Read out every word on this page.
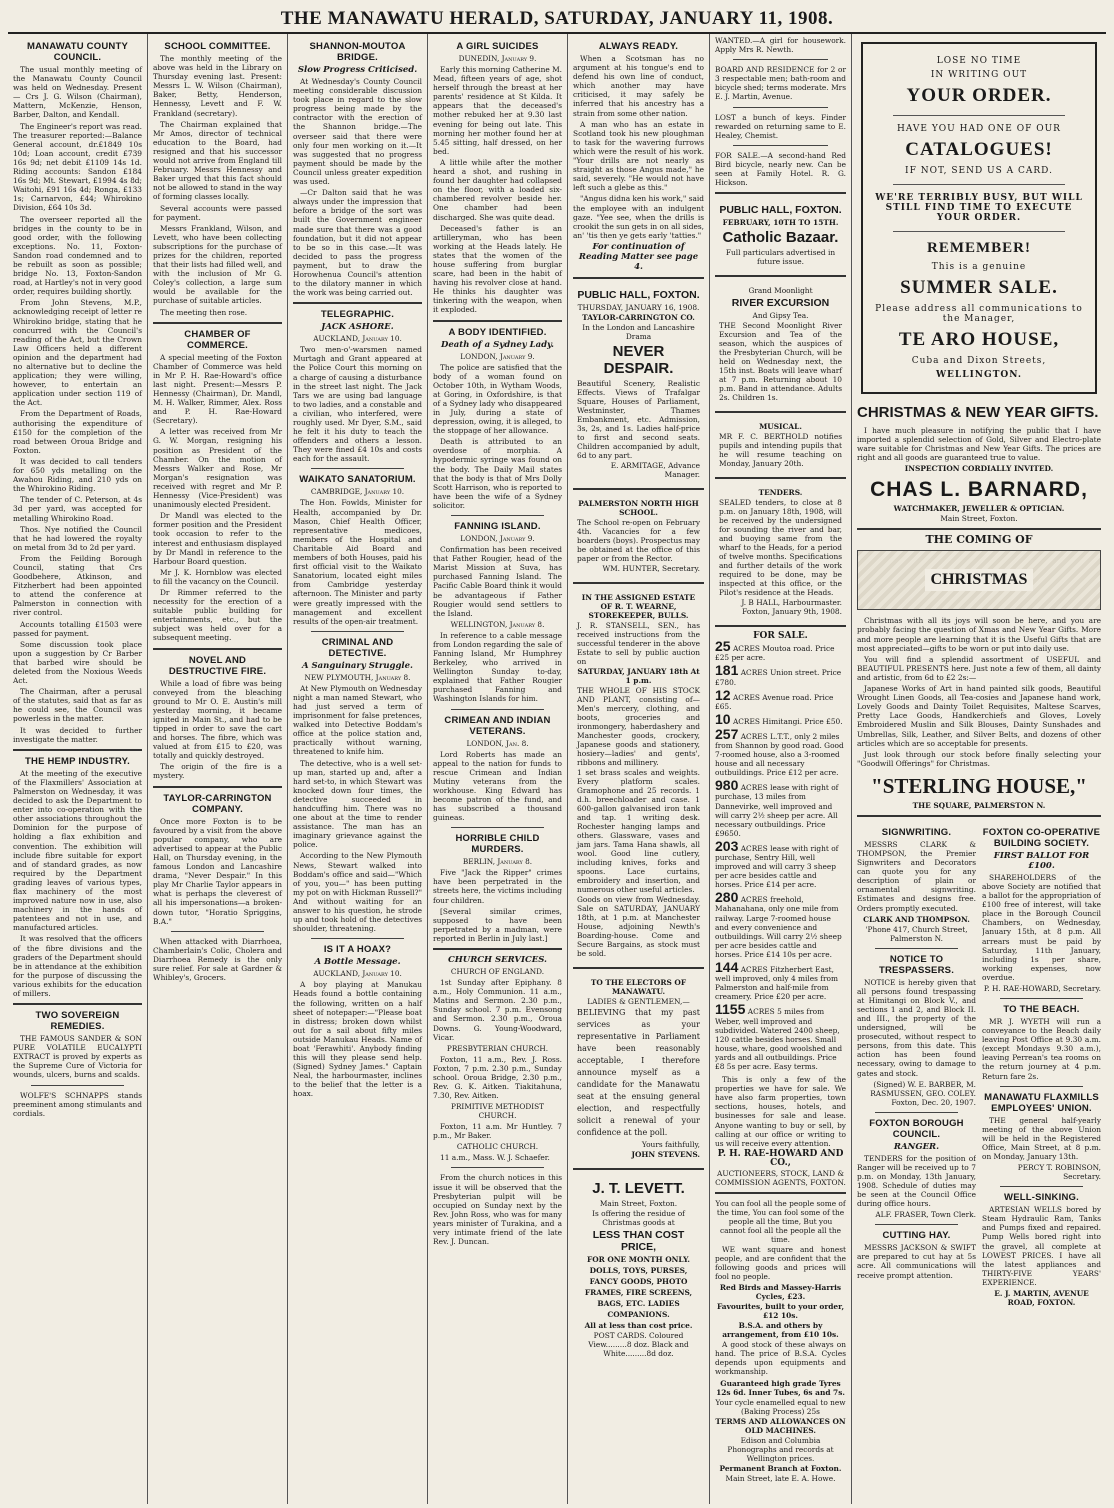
THE MANAWATU HERALD, SATURDAY, JANUARY 11, 1908.
MANAWATU COUNTY COUNCIL.

The usual monthly meeting of the Manawatu County Council was held on Wednesday. Present — Crs J. G. Wilson (Chairman), Mattern, McKenzie, Henson, Barber, Dalton, and Kendall.

The Engineer's report was read. The treasurer reported:—Balance General account, dr.£1849 10s 10d; Loan account, credit £739 16s 9d; net debit £1109 14s 1d. Riding accounts: Sandon £184 16s 9d; Mt. Stewart, £1994 4s 8d; Waitohi, £91 16s 4d; Ronga, £133 1s; Carnarvon, £44; Whirokino Division, £64 10s 3d.

The overseer reported all the bridges in the county to be in good order, with the following exceptions. No. 11, Foxton-Sandon road condemned and to be rebuilt as soon as possible; bridge No. 13, Foxton-Sandon road, at Hartley's not in very good order, requires building shortly.

From John Stevens, M.P., acknowledging receipt of letter re Whirokino bridge, stating that he concurred with the Council's reading of the Act, but the Crown Law Officers held a different opinion and the department had no alternative but to decline the application; they were willing, however, to entertain an application under section 119 of the Act.

From the Department of Roads, authorising the expenditure of £150 for the completion of the road between Oroua Bridge and Foxton.

It was decided to call tenders for 650 yds metalling on the Awahou Riding, and 210 yds on the Whirokino Riding.

The tender of C. Peterson, at 4s 3d per yard, was accepted for metalling Whirokino Road.

Thos. Nye notified the Council that he had lowered the royalty on metal from 3d to 2d per yard.

From the Feilding Borough Council, stating that Crs Goodbehere, Atkinson, and Fitzherbert had been appointed to attend the conference at Palmerston in connection with river control.

Accounts totalling £1503 were passed for payment.

Some discussion took place upon a suggestion by Cr Barber that barbed wire should be deleted from the Noxious Weeds Act.

The Chairman, after a perusal of the statutes, said that as far as he could see, the Council was powerless in the matter.

It was decided to further investigate the matter.

THE HEMP INDUSTRY.

At the meeting of the executive of the Flaxmillers' Association at Palmerston on Wednesday, it was decided to ask the Department to enter into co-operation with the other associations throughout the Dominion for the purpose of holding a flax exhibition and convention. The exhibition will include fibre suitable for export and of standard grades, as now required by the Department grading leaves of various types, flax machinery of the most improved nature now in use, also machinery in the hands of patentees and not in use, and manufactured articles.

It was resolved that the officers of the fibre divisions and the graders of the Department should be in attendance at the exhibition for the purpose of discussing the various exhibits for the education of millers.

TWO SOVEREIGN REMEDIES.

THE FAMOUS SANDER & SON PURE VOLATILE EUCALYPTI EXTRACT is proved by experts as the Supreme Cure of Victoria for wounds, ulcers, burns and scalds.

WOLFE'S SCHNAPPS stands preeminent among stimulants and cordials.

SCHOOL COMMITTEE.

The monthly meeting of the above was held in the Library on Thursday evening last. Present: Messrs L. W. Wilson (Chairman), Baker, Betty, Henderson, Hennessy, Levett and F. W. Frankland (secretary).

The Chairman explained that Mr Amos, director of technical education to the Board, had resigned and that his successor would not arrive from England till February. Messrs Hennessy and Baker urged that this fact should not be allowed to stand in the way of forming classes locally.

Several accounts were passed for payment.

Messrs Frankland, Wilson, and Levett, who have been collecting subscriptions for the purchase of prizes for the children, reported that their lists had filled well, and with the inclusion of Mr G. Coley's collection, a large sum would be available for the purchase of suitable articles.

The meeting then rose.

CHAMBER OF COMMERCE.

A special meeting of the Foxton Chamber of Commerce was held in Mr P. H. Rae-Howard's office last night. Present:—Messrs P. Hennessy (Chairman), Dr. Mandl, M. H. Walker, Rimmer, Alex. Ross and P. H. Rae-Howard (Secretary).

A letter was received from Mr G. W. Morgan, resigning his position as President of the Chamber. On the motion of Messrs Walker and Rose, Mr Morgan's resignation was received with regret and Mr P. Hennessy (Vice-President) was unanimously elected President.

Dr Mandl was elected to the former position and the President took occasion to refer to the interest and enthusiasm displayed by Dr Mandl in reference to the Harbour Board question.

Mr J. K. Hornblow was elected to fill the vacancy on the Council.

Dr Rimmer referred to the necessity for the erection of a suitable public building for entertainments, etc., but the subject was held over for a subsequent meeting.

NOVEL AND DESTRUCTIVE FIRE.

While a load of fibre was being conveyed from the bleaching ground to Mr O. E. Austin's mill yesterday morning, it became ignited in Main St., and had to be tipped in order to save the cart and horses. The fibre, which was valued at from £15 to £20, was totally and quickly destroyed.

The origin of the fire is a mystery.

TAYLOR-CARRINGTON COMPANY.

Once more Foxton is to be favoured by a visit from the above popular company, who are advertised to appear at the Public Hall, on Thursday evening, in the famous London and Lancashire drama, "Never Despair." In this play Mr Charlie Taylor appears in what is perhaps the cleverest of all his impersonations—a broken-down tutor, "Horatio Spriggins, B.A."

When attacked with Diarrhoea, Chamberlain's Colic, Cholera and Diarrhoea Remedy is the only sure relief. For sale at Gardner & Whibley's, Grocers.

SHANNON-MOUTOA BRIDGE.
Slow Progress Criticised.

At Wednesday's County Council meeting considerable discussion took place in regard to the slow progress being made by the contractor with the erection of the Shannon bridge.—The overseer said that there were only four men working on it.—It was suggested that no progress payment should be made by the Council unless greater expedition was used.

—Cr Dalton said that he was always under the impression that before a bridge of the sort was built the Government engineer made sure that there was a good foundation, but it did not appear to be so in this case.—It was decided to pass the progress payment, but to draw the Horowhenua Council's attention to the dilatory manner in which the work was being carried out.

TELEGRAPHIC.
JACK ASHORE.
AUCKLAND, January 10.

Two men-o'-warsmen named Murtagh and Grant appeared at the Police Court this morning on a charge of causing a disturbance in the street last night. The Jack Tars we are using bad language to two ladies, and a constable and a civilian, who interfered, were roughly used. Mr Dyer, S.M., said he felt it his duty to teach the offenders and others a lesson. They were fined £4 10s and costs each for the assault.

WAIKATO SANATORIUM.
CAMBRIDGE, January 10.

The Hon. Fowlds, Minister for Health, accompanied by Dr. Mason, Chief Health Officer, representative medicoes, members of the Hospital and Charitable Aid Board and members of both Houses, paid his first official visit to the Waikato Sanatorium, located eight miles from Cambridge yesterday afternoon. The Minister and party were greatly impressed with the management and excellent results of the open-air treatment.

CRIMINAL AND DETECTIVE.
A Sanguinary Struggle.
NEW PLYMOUTH, January 8.

At New Plymouth on Wednesday night a man named Stewart, who had just served a term of imprisonment for false pretences, walked into Detective Boddam's office at the police station and, practically without warning, threatened to knife him.

The detective, who is a well set-up man, started up and, after a hard set-to, in which Stewart was knocked down four times, the detective succeeded in handcuffing him. There was no one about at the time to render assistance. The man has an imaginary grievance against the police.

According to the New Plymouth News, Stewart walked into Boddam's office and said—"Which of you, you—" has been putting my pot on with Hickman Russell?" And without waiting for an answer to his question, he strode up and took hold of the detectives shoulder, threatening.

IS IT A HOAX?
A Bottle Message.
AUCKLAND, January 10.

A boy playing at Manukau Heads found a bottle containing the following, written on a half sheet of notepaper:—"Please boat in distress; broken down whilst out for a sail about fifty miles outside Manukau Heads. Name of boat 'Ferawhiti'. Anybody finding this will they please send help. (Signed) Sydney James." Captain Neal, the harbourmaster, inclines to the belief that the letter is a hoax.

A GIRL SUICIDES
DUNEDIN, January 9.

Early this morning Catherine M. Mead, fifteen years of age, shot herself through the breast at her parents' residence at St Kilda. It appears that the deceased's mother rebuked her at 9.30 last evening for being out late. This morning her mother found her at 5.45 sitting, half dressed, on her bed.

A little while after the mother heard a shot, and rushing in found her daughter had collapsed on the floor, with a loaded six-chambered revolver beside her. One chamber had been discharged. She was quite dead.

Deceased's father is an artilleryman, who has been working at the Heads lately. He states that the women of the house suffering from burglar scare, had been in the habit of having his revolver close at hand. He thinks his daughter was tinkering with the weapon, when it exploded.

A BODY IDENTIFIED.
Death of a Sydney Lady.
LONDON, January 9.

The police are satisfied that the body of a woman found on October 10th, in Wytham Woods, at Goring, in Oxfordshire, is that of a Sydney lady who disappeared in July, during a state of depression, owing, it is alleged, to the stoppage of her allowance.

Death is attributed to an overdose of morphia. A hypodermic syringe was found on the body. The Daily Mail states that the body is that of Mrs Dolly Scott Harrison, who is reported to have been the wife of a Sydney solicitor.

FANNING ISLAND.
LONDON, January 9.

Confirmation has been received that Father Rougier, head of the Marist Mission at Suva, has purchased Fanning Island. The Pacific Cable Board think it would be advantageous if Father Rougier would send settlers to the Island.

WELLINGTON, January 8.

In reference to a cable message from London regarding the sale of Fanning Island, Mr Humphrey Berkeley, who arrived in Wellington Sunday to-day, explained that Father Rougier purchased Fanning and Washington Islands for him.

CRIMEAN AND INDIAN VETERANS.
LONDON, Jan. 8.

Lord Roberts has made an appeal to the nation for funds to rescue Crimean and Indian Mutiny veterans from the workhouse. King Edward has become patron of the fund, and has subscribed a thousand guineas.

HORRIBLE CHILD MURDERS.
BERLIN, January 8.

Five "Jack the Ripper" crimes have been perpetrated in the streets here, the victims including four children.

[Several similar crimes, supposed to have been perpetrated by a madman, were reported in Berlin in July last.]

CHURCH SERVICES.
CHURCH OF ENGLAND.

1st Sunday after Epiphany. 8 a.m., Holy Communion. 11 a.m., Matins and Sermon. 2.30 p.m., Sunday school. 7 p.m. Evensong and Sermon. 2.30 p.m., Oroua Downs. G. Young-Woodward, Vicar.

PRESBYTERIAN CHURCH.

Foxton, 11 a.m., Rev. J. Ross. Foxton, 7 p.m. 2.30 p.m., Sunday school. Oroua Bridge, 2.30 p.m., Rev. G. K. Aitken. Tiakitahuna, 7.30, Rev. Aitken.

PRIMITIVE METHODIST CHURCH.

Foxton, 11 a.m. Mr Huntley. 7 p.m., Mr Baker.

CATHOLIC CHURCH.

11 a.m., Mass. W. J. Schaefer.

From the church notices in this issue it will be observed that the Presbyterian pulpit will be occupied on Sunday next by the Rev. John Ross, who was for many years minister of Turakina, and a very intimate friend of the late Rev. J. Duncan.

ALWAYS READY.

When a Scotsman has no argument at his tongue's end to defend his own line of conduct, which another may have criticised, it may safely be inferred that his ancestry has a strain from some other nation.

A man who has an estate in Scotland took his new ploughman to task for the wavering furrows which were the result of his work. "Your drills are not nearly as straight as those Angus made," he said, severely. "He would not have left such a glebe as this."

"Angus didna ken his work," said the employee with an indulgent gaze. "Yee see, when the drills is crookit the sun gets in on all sides, an' 'tis then ye gets early 'tatties."

For continuation of Reading Matter see page 4.
PUBLIC HALL, FOXTON.
THURSDAY, JANUARY 16, 1908.
TAYLOR-CARRINGTON CO.
In the London and Lancashire Drama
NEVER DESPAIR.
Beautiful Scenery, Realistic Effects. Views of Trafalgar Square, Houses of Parliament, Westminster, Thames Embankment, etc. Admission, 3s, 2s, and 1s. Ladies half-price to first and second seats. Children accompanied by adult, 6d to any part.
E. ARMITAGE, Advance Manager.
PALMERSTON NORTH HIGH SCHOOL.
The School re-open on February 4th. Vacancies for a few boarders (boys). Prospectus may be obtained at the office of this paper or from the Rector.
WM. HUNTER, Secretary.
IN THE ASSIGNED ESTATE OF R. T. WEARNE, STOREKEEPER, BULLS.
J. R. STANSELL, SEN., has received instructions from the successful tenderer in the above Estate to sell by public auction on
SATURDAY, JANUARY 18th At 1 p.m.
THE WHOLE OF HIS STOCK AND PLANT, consisting of—Men's mercery, clothing, and boots, groceries and ironmongery, haberdashery and Manchester goods, crockery, Japanese goods and stationery, hosiery—ladies' and gents', ribbons and millinery.
1 set brass scales and weights. Every platform scales. Gramophone and 25 records. 1 d.h. breechloader and case. 1 600-gallon galvanised iron tank and tap. 1 writing desk. Rochester hanging lamps and others. Glassware, vases and jam jars. Tama Hana shawls, all wool. Good line cutlery, including knives, forks and spoons. Lace curtains, embroidery and insertion, and numerous other useful articles.
Goods on view from Wednesday. Sale on SATURDAY, JANUARY 18th, at 1 p.m. at Manchester House, adjoining Newth's Boarding-house. Come and Secure Bargains, as stock must be sold.
TO THE ELECTORS OF MANAWATU.
LADIES & GENTLEMEN,—
BELIEVING that my past services as your representative in Parliament have been reasonably acceptable, I therefore announce myself as a candidate for the Manawatu seat at the ensuing general election, and respectfully solicit a renewal of your confidence at the poll.
Yours faithfully,
JOHN STEVENS.
J. T. LEVETT.
Main Street, Foxton.
Is offering the residue of Christmas goods at
LESS THAN COST PRICE,
FOR ONE MONTH ONLY.
DOLLS, TOYS, PURSES, FANCY GOODS, PHOTO FRAMES, FIRE SCREENS, BAGS, ETC. LADIES COMPANIONS.
All at less than cost price.
POST CARDS. Coloured View.........8 doz. Black and White.........8d doz.

WANTED.—A girl for housework. Apply Mrs R. Newth.

BOARD AND RESIDENCE for 2 or 3 respectable men; bath-room and bicycle shed; terms moderate. Mrs E. J. Martin, Avenue.

LOST a bunch of keys. Finder rewarded on returning same to E. Healey, Chemist.

FOR SALE.—A second-hand Red Bird bicycle, nearly new. Can be seen at Family Hotel. R. G. Hickson.

PUBLIC HALL, FOXTON.
FEBRUARY, 10TH TO 15TH.
Catholic Bazaar.
Full particulars advertised in future issue.
Grand Moonlight
RIVER EXCURSION
And Gipsy Tea.
THE Second Moonlight River Excursion and Tea of the season, which the auspices of the Presbyterian Church, will be held on Wednesday next, the 15th inst. Boats will leave wharf at 7 p.m. Returning about 10 p.m. Band in attendance. Adults 2s. Children 1s.
MUSICAL.
MR F. C. BERTHOLD notifies pupils and intending pupils that he will resume teaching on Monday, January 20th.
TENDERS.
SEALED tenders, to close at 8 p.m. on January 18th, 1908, will be received by the undersigned for sounding the river and bar, and buoying same from the wharf to the Heads, for a period of twelve months. Specifications and further details of the work required to be done, may be inspected at this office, or the Pilot's residence at the Heads.
J. B HALL, Harbourmaster. Foxton, January 9th, 1908.
FOR SALE.
25 ACRES Moutoa road. Price £25 per acre.
181 ACRES Union street. Price £780.
12 ACRES Avenue road. Price £65.
10 ACRES Himitangi. Price £50.
257 ACRES L.T.T., only 2 miles from Shannon by good road. Good 7-roomed house, also a 3-roomed house and all necessary outbuildings. Price £12 per acre.
980 ACRES lease with right of purchase, 13 miles from Dannevirke, well improved and will carry 2½ sheep per acre. All necessary outbuildings. Price £9650.
203 ACRES lease with right of purchase, Sentry Hill, well improved and will carry 3 sheep per acre besides cattle and horses. Price £14 per acre.
280 ACRES freehold, Mahanahana, only one mile from railway. Large 7-roomed house and every convenience and outbuildings. Will carry 2½ sheep per acre besides cattle and horses. Price £14 10s per acre.
144 ACRES Fitzherbert East, well improved, only 4 miles from Palmerston and half-mile from creamery. Price £20 per acre.
1155 ACRES 5 miles from Weber, well improved and subdivided. Watered 2400 sheep, 120 cattle besides horses. Small house, whare, good woolshed and yards and all outbuildings. Price £8 5s per acre. Easy terms.

This is only a few of the properties we have for sale. We have also farm properties, town sections, houses, hotels, and businesses for sale and lease. Anyone wanting to buy or sell, by calling at our office or writing to us will receive every attention.

P. H. RAE-HOWARD AND CO.,
AUCTIONEERS, STOCK, LAND & COMMISSION AGENTS, FOXTON.
You can fool all the people some of the time, You can fool some of the people all the time, But you cannot fool all the people all the time.

WE want square and honest people, and are confident that the following goods and prices will fool no people.

Red Birds and Massey-Harris Cycles, £23.
Favourites, built to your order, £12 10s.
B.S.A. and others by arrangement, from £10 10s.

A good stock of these always on hand. The price of B.S.A. Cycles depends upon equipments and workmanship.

Guaranteed high grade Tyres 12s 6d. Inner Tubes, 6s and 7s.
Your cycle enamelled equal to new (Baking Process) 25s
TERMS AND ALLOWANCES ON OLD MACHINES.
Edison and Columbia Phonographs and records at Wellington prices.
Permanent Branch at Foxton.
Main Street, late E. A. Howe.
LOSE NO TIME
IN WRITING OUT
YOUR ORDER.
HAVE YOU HAD ONE OF OUR
CATALOGUES!
IF NOT, SEND US A CARD.
WE'RE TERRIBLY BUSY, BUT WILL STILL FIND TIME TO EXECUTE YOUR ORDER.
REMEMBER!
This is a genuine
SUMMER SALE.
Please address all communications to the Manager,
TE ARO HOUSE,
Cuba and Dixon Streets,
WELLINGTON.
CHRISTMAS & NEW YEAR GIFTS.

I have much pleasure in notifying the public that I have imported a splendid selection of Gold, Silver and Electro-plate ware suitable for Christmas and New Year Gifts. The prices are right and all goods are guaranteed true to value.

INSPECTION CORDIALLY INVITED.
CHAS L. BARNARD,
WATCHMAKER, JEWELLER & OPTICIAN.
Main Street, Foxton.
THE COMING OF
CHRISTMAS

Christmas with all its joys will soon be here, and you are probably facing the question of Xmas and New Year Gifts. More and more people are learning that it is the Useful Gifts that are most appreciated—gifts to be worn or put into daily use.

You will find a splendid assortment of USEFUL and BEAUTIFUL PRESENTS here. Just note a few of them, all dainty and artistic, from 6d to £2 2s:—

Japanese Works of Art in hand painted silk goods, Beautiful Wrought Linen Goods, all Tea-cosies and Japanese hand work, Lovely Goods and Dainty Toilet Requisites, Maltese Scarves, Pretty Lace Goods, Handkerchiefs and Gloves, Lovely Embroidered Muslin and Silk Blouses, Dainty Sunshades and Umbrellas, Silk, Leather, and Silver Belts, and dozens of other articles which are so acceptable for presents.

Just look through our stock before finally selecting your "Goodwill Offerings" for Christmas.

"STERLING HOUSE,"
THE SQUARE, PALMERSTON N.
SIGNWRITING.

MESSRS CLARK & THOMPSON, the Premier Signwriters and Decorators can quote you for any description of plain or ornamental signwriting. Estimates and designs free. Orders promptly executed.

CLARK AND THOMPSON.
'Phone 417, Church Street, Palmerston N.
NOTICE TO TRESPASSERS.

NOTICE is hereby given that all persons found trespassing at Himitangi on Block V., and sections 1 and 2, and Block II. and III., the property of the undersigned, will be prosecuted, without respect to persons, from this date. This action has been found necessary, owing to damage to gates and stock.

(Signed) W. E. BARBER, M. RASMUSSEN, GEO. COLEY. Foxton, Dec. 20, 1907.
FOXTON BOROUGH COUNCIL.
RANGER.

TENDERS for the position of Ranger will be received up to 7 p.m. on Monday, 13th January, 1908. Schedule of duties may be seen at the Council Office during office hours.

ALF. FRASER, Town Clerk.
CUTTING HAY.

MESSRS JACKSON & SWIFT are prepared to cut hay at 5s acre. All communications will receive prompt attention.

FOXTON CO-OPERATIVE BUILDING SOCIETY.
FIRST BALLOT FOR £100.

SHAREHOLDERS of the above Society are notified that a ballot for the appropriation of £100 free of interest, will take place in the Borough Council Chambers, on Wednesday, January 15th, at 8 p.m. All arrears must be paid by Saturday, 11th January, including 1s per share, working expenses, now overdue.

P. H. RAE-HOWARD, Secretary.
TO THE BEACH.

MR J. WYETH will run a conveyance to the Beach daily leaving Post Office at 9.30 a.m. (except Mondays 9.30 a.m.), leaving Perrean's tea rooms on the return journey at 4 p.m. Return fare 2s.

MANAWATU FLAXMILLS EMPLOYEES' UNION.

THE general half-yearly meeting of the above Union will be held in the Registered Office, Main Street, at 8 p.m. on Monday, January 13th.

PERCY T. ROBINSON, Secretary.
WELL-SINKING.

ARTESIAN WELLS bored by Steam Hydraulic Ram, Tanks and Pumps fixed and repaired. Pump Wells bored right into the gravel, all complete at LOWEST PRICES. I have all the latest appliances and THIRTY-FIVE YEARS' EXPERIENCE.

E. J. MARTIN, AVENUE ROAD, FOXTON.
